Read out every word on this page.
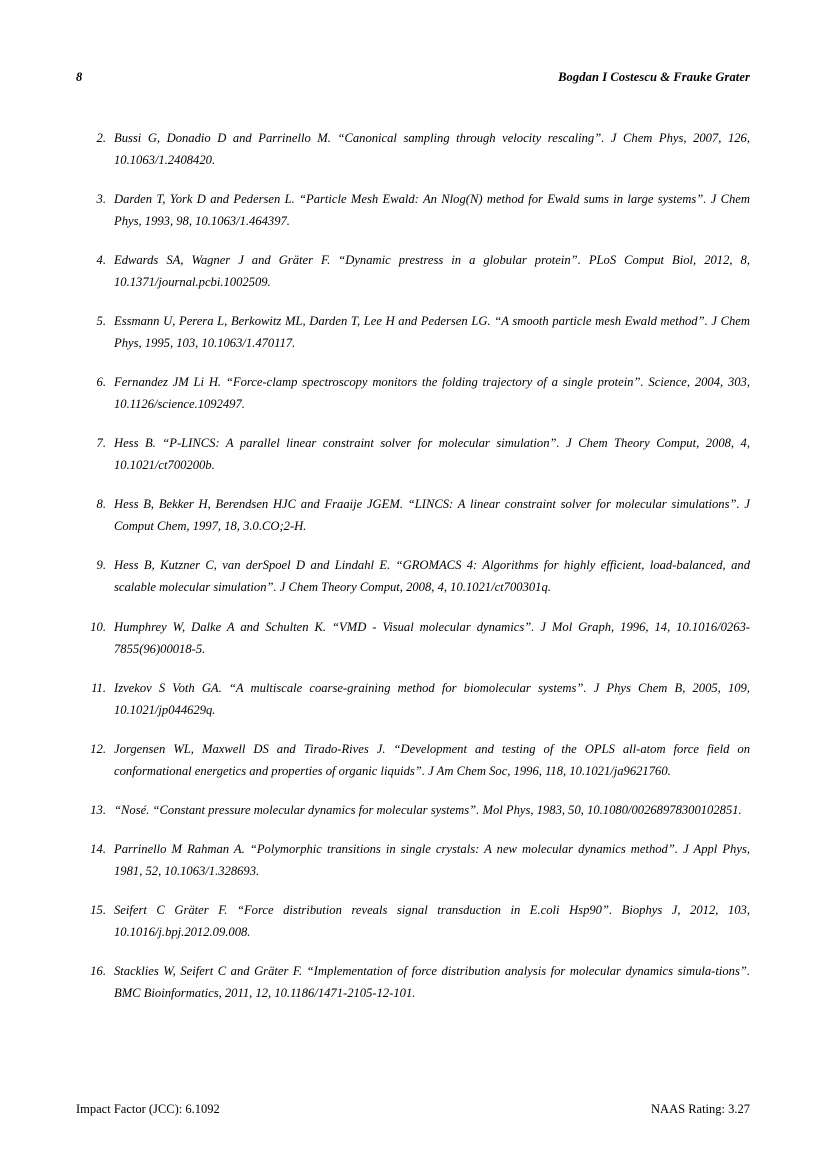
8	Bogdan I Costescu & Frauke Grater
2. Bussi G, Donadio D and Parrinello M. “Canonical sampling through velocity rescaling”. J Chem Phys, 2007, 126, 10.1063/1.2408420.
3. Darden T, York D and Pedersen L. “Particle Mesh Ewald: An Nlog(N) method for Ewald sums in large systems”. J Chem Phys, 1993, 98, 10.1063/1.464397.
4. Edwards SA, Wagner J and Gräter F. “Dynamic prestress in a globular protein”. PLoS Comput Biol, 2012, 8, 10.1371/journal.pcbi.1002509.
5. Essmann U, Perera L, Berkowitz ML, Darden T, Lee H and Pedersen LG. “A smooth particle mesh Ewald method”. J Chem Phys, 1995, 103, 10.1063/1.470117.
6. Fernandez JM Li H. “Force-clamp spectroscopy monitors the folding trajectory of a single protein”. Science, 2004, 303, 10.1126/science.1092497.
7. Hess B. “P-LINCS: A parallel linear constraint solver for molecular simulation”. J Chem Theory Comput, 2008, 4, 10.1021/ct700200b.
8. Hess B, Bekker H, Berendsen HJC and Fraaije JGEM. “LINCS: A linear constraint solver for molecular simulations”. J Comput Chem, 1997, 18, 3.0.CO;2-H.
9. Hess B, Kutzner C, van derSpoel D and Lindahl E. “GROMACS 4: Algorithms for highly efficient, load-balanced, and scalable molecular simulation”. J Chem Theory Comput, 2008, 4, 10.1021/ct700301q.
10. Humphrey W, Dalke A and Schulten K. “VMD - Visual molecular dynamics”. J Mol Graph, 1996, 14, 10.1016/0263-7855(96)00018-5.
11. Izvekov S Voth GA. “A multiscale coarse-graining method for biomolecular systems”. J Phys Chem B, 2005, 109, 10.1021/jp044629q.
12. Jorgensen WL, Maxwell DS and Tirado-Rives J. “Development and testing of the OPLS all-atom force field on conformational energetics and properties of organic liquids”. J Am Chem Soc, 1996, 118, 10.1021/ja9621760.
13. “Nosé. “Constant pressure molecular dynamics for molecular systems”. Mol Phys, 1983, 50, 10.1080/00268978300102851.
14. Parrinello M Rahman A. “Polymorphic transitions in single crystals: A new molecular dynamics method”. J Appl Phys, 1981, 52, 10.1063/1.328693.
15. Seifert C Gräter F. “Force distribution reveals signal transduction in E.coli Hsp90”. Biophys J, 2012, 103, 10.1016/j.bpj.2012.09.008.
16. Stacklies W, Seifert C and Gräter F. “Implementation of force distribution analysis for molecular dynamics simula-tions”. BMC Bioinformatics, 2011, 12, 10.1186/1471-2105-12-101.
Impact Factor (JCC): 6.1092	NAAS Rating: 3.27
